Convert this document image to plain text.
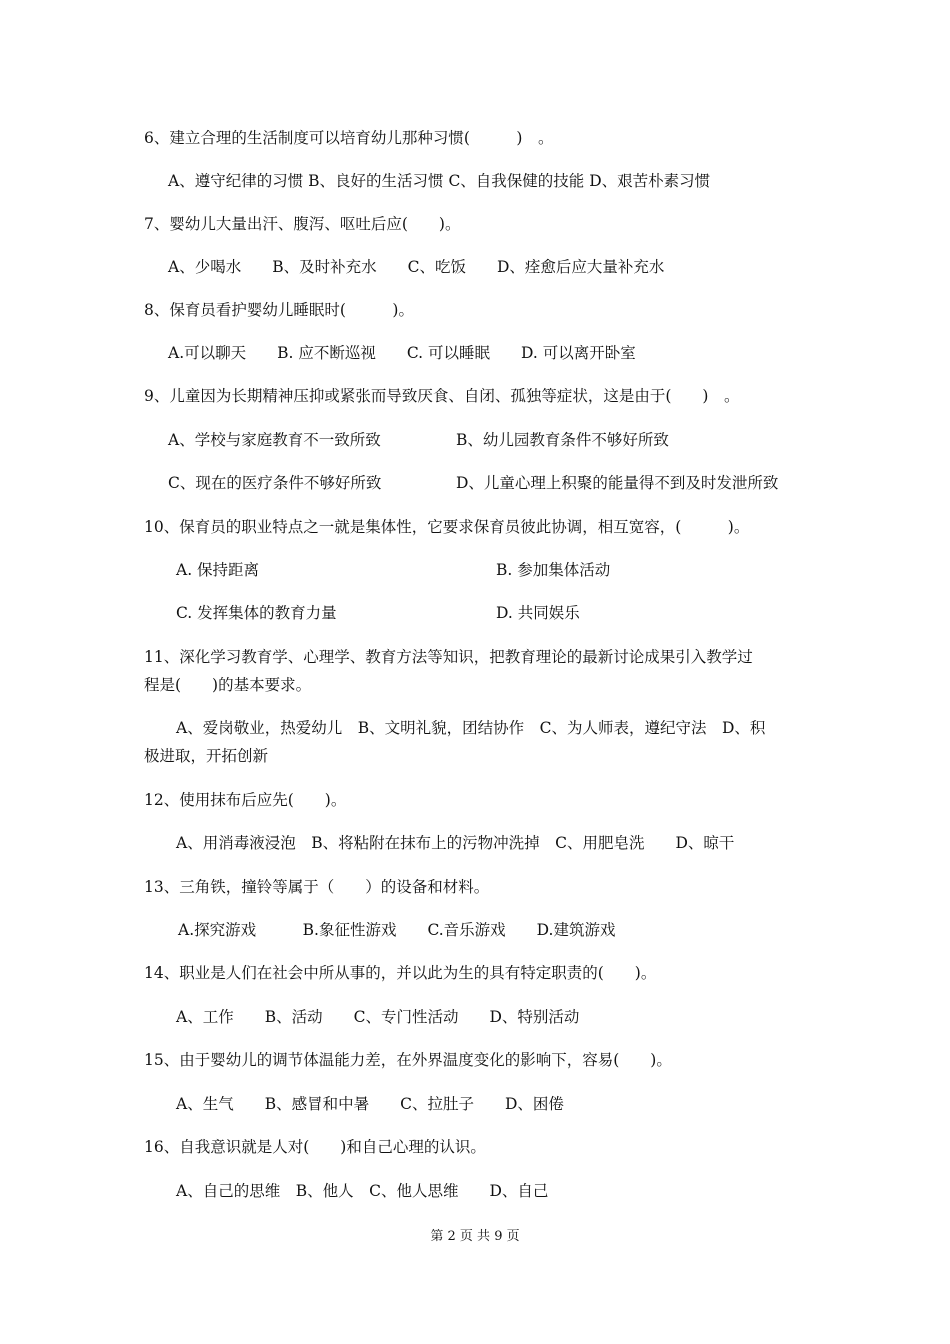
6、建立合理的生活制度可以培育幼儿那种习惯(　　　)　。
A、遵守纪律的习惯 B、良好的生活习惯 C、自我保健的技能 D、艰苦朴素习惯
7、婴幼儿大量出汗、腹泻、呕吐后应(　　)。
A、少喝水　　B、及时补充水　　C、吃饭　　D、痊愈后应大量补充水
8、保育员看护婴幼儿睡眠时(　　　)。
A.可以聊天　　B. 应不断巡视　　C. 可以睡眠　　D. 可以离开卧室
9、儿童因为长期精神压抑或紧张而导致厌食、自闭、孤独等症状，这是由于(　　)　。
A、学校与家庭教育不一致所致	B、幼儿园教育条件不够好所致
C、现在的医疗条件不够好所致	D、儿童心理上积聚的能量得不到及时发泄所致
10、保育员的职业特点之一就是集体性，它要求保育员彼此协调，相互宽容，(　　　)。
A. 保持距离	B. 参加集体活动
C. 发挥集体的教育力量	D. 共同娱乐
11、深化学习教育学、心理学、教育方法等知识，把教育理论的最新讨论成果引入教学过
程是(　　)的基本要求。
A、爱岗敬业，热爱幼儿　B、文明礼貌，团结协作　C、为人师表，遵纪守法　D、积
极进取，开拓创新
12、使用抹布后应先(　　)。
A、用消毒液浸泡　B、将粘附在抹布上的污物冲洗掉　C、用肥皂洗　　D、晾干
13、三角铁，撞铃等属于（　　）的设备和材料。
A.探究游戏　　　B.象征性游戏　　C.音乐游戏　　D.建筑游戏
14、职业是人们在社会中所从事的，并以此为生的具有特定职责的(　　)。
A、工作　　B、活动　　C、专门性活动　　D、特别活动
15、由于婴幼儿的调节体温能力差，在外界温度变化的影响下，容易(　　)。
A、生气　　B、感冒和中暑　　C、拉肚子　　D、困倦
16、自我意识就是人对(　　)和自己心理的认识。
A、自己的思维　B、他人　C、他人思维　　D、自己
第 2 页 共 9 页
